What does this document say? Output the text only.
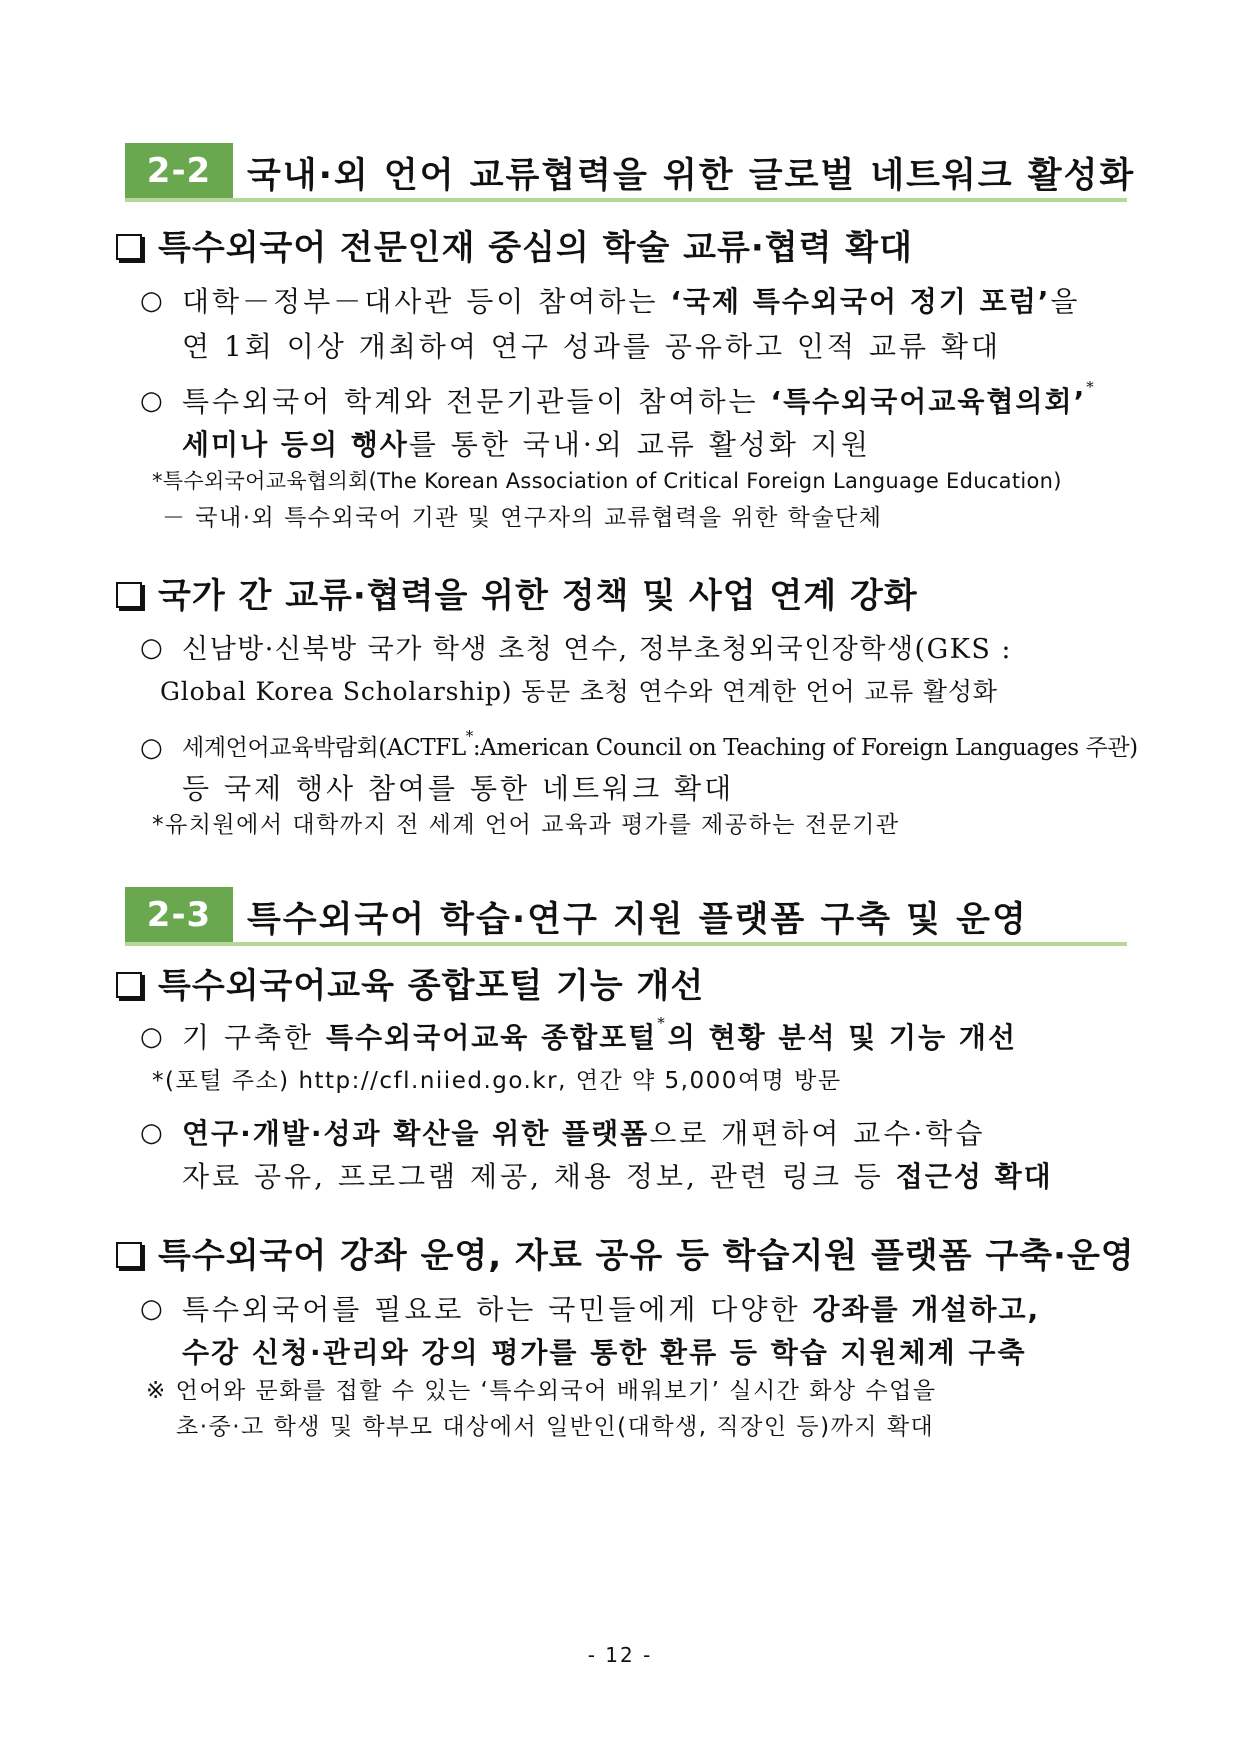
2-2	국내·외 언어 교류협력을 위한 글로벌 네트워크 활성화
특수외국어 전문인재 중심의 학술 교류·협력 확대
○ 대학－정부－대사관 등이 참여하는 ‘국제 특수외국어 정기 포럼’을
연 1회 이상 개최하여 연구 성과를 공유하고 인적 교류 확대
○ 특수외국어 학계와 전문기관들이 참여하는 ‘특수외국어교육협의회’*
세미나 등의 행사를 통한 국내·외 교류 활성화 지원
*특수외국어교육협의회(The Korean Association of Critical Foreign Language Education)
－ 국내·외 특수외국어 기관 및 연구자의 교류협력을 위한 학술단체
국가 간 교류·협력을 위한 정책 및 사업 연계 강화
○ 신남방·신북방 국가 학생 초청 연수, 정부초청외국인장학생(GKS :
Global Korea Scholarship) 동문 초청 연수와 연계한 언어 교류 활성화
○ 세계언어교육박람회(ACTFL*:American Council on Teaching of Foreign Languages 주관)
등 국제 행사 참여를 통한 네트워크 확대
*유치원에서 대학까지 전 세계 언어 교육과 평가를 제공하는 전문기관
2-3	특수외국어 학습·연구 지원 플랫폼 구축 및 운영
특수외국어교육 종합포털 기능 개선
○ 기 구축한 특수외국어교육 종합포털*의 현황 분석 및 기능 개선
*(포털 주소) http://cfl.niied.go.kr, 연간 약 5,000여명 방문
○ 연구·개발·성과 확산을 위한 플랫폼으로 개편하여 교수·학습
자료 공유, 프로그램 제공, 채용 정보, 관련 링크 등 접근성 확대
특수외국어 강좌 운영, 자료 공유 등 학습지원 플랫폼 구축·운영
○ 특수외국어를 필요로 하는 국민들에게 다양한 강좌를 개설하고,
수강 신청·관리와 강의 평가를 통한 환류 등 학습 지원체계 구축
※ 언어와 문화를 접할 수 있는 ‘특수외국어 배워보기’ 실시간 화상 수업을
초·중·고 학생 및 학부모 대상에서 일반인(대학생, 직장인 등)까지 확대
- 12 -
